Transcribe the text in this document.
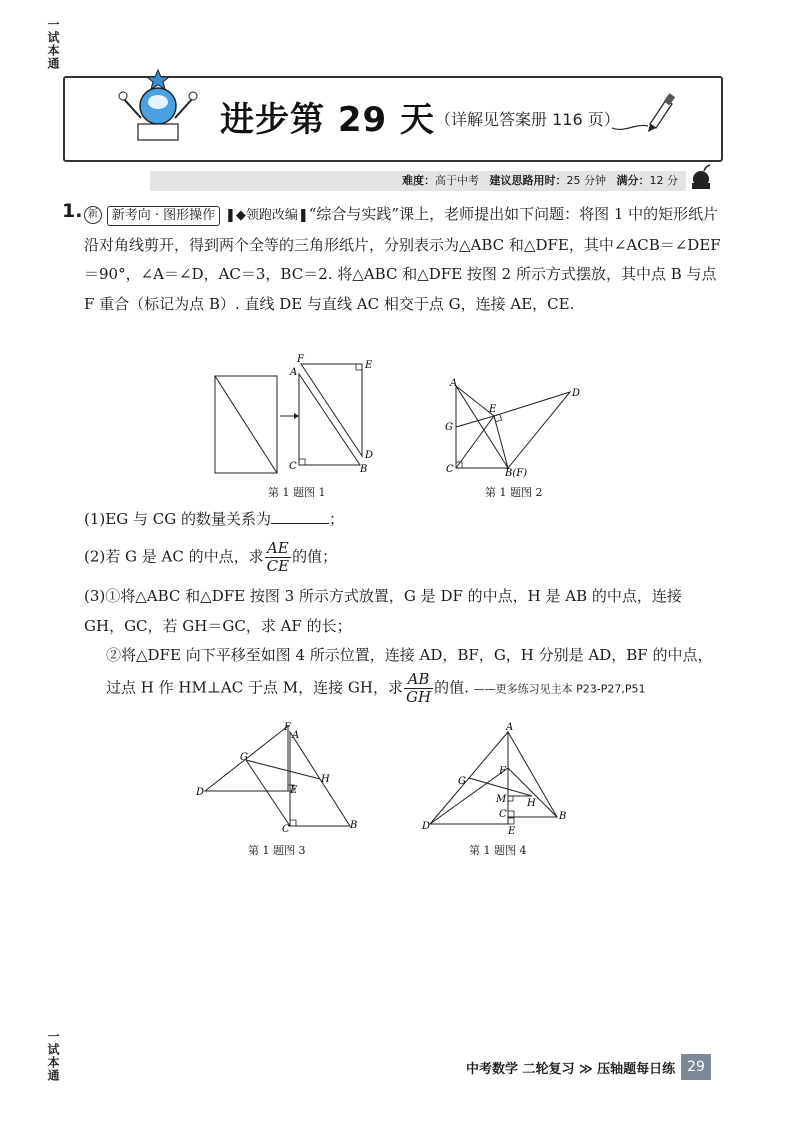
一试本通
一试本通
进步第 29 天 （详解见答案册 116 页）
难度：高于中考 建议思路用时：25 分钟 满分：12 分
1. 新 新考向 · 图形操作 ❚◆领跑改编❚“综合与实践”课上，老师提出如下问题：将图 1 中的矩形纸片沿对角线剪开，得到两个全等的三角形纸片，分别表示为△ABC 和△DFE，其中∠ACB＝∠DEF＝90°，∠A＝∠D，AC＝3，BC＝2. 将△ABC 和△DFE 按图 2 所示方式摆放，其中点 B 与点 F 重合（标记为点 B）. 直线 DE 与直线 AC 相交于点 G，连接 AE，CE.
F
A
E
D
C	B
A
D
E
G
C	B(F)
第 1 题图 1	第 1 题图 2
(1)EG 与 CG 的数量关系为	；
(2)若 G 是 AC 的中点，求 $\frac{AE}{CE}$ 的值；
(3)①将△ABC 和△DFE 按图 3 所示方式放置，G 是 DF 的中点，H 是 AB 的中点，连接 GH，GC，若 GH＝GC，求 AF 的长；
②将△DFE 向下平移至如图 4 所示位置，连接 AD，BF，G，H 分别是 AD，BF 的中点，过点 H 作 HM⊥AC 于点 M，连接 GH，求 $\frac{AB}{GH}$ 的值. ——更多练习见主本 P23-P27,P51
F
A
G
H
D	E
C	B
A
F
G
M H
C
E
D
B
第 1 题图 3	第 1 题图 4
中考数学 二轮复习 ≫ 压轴题每日练 29
